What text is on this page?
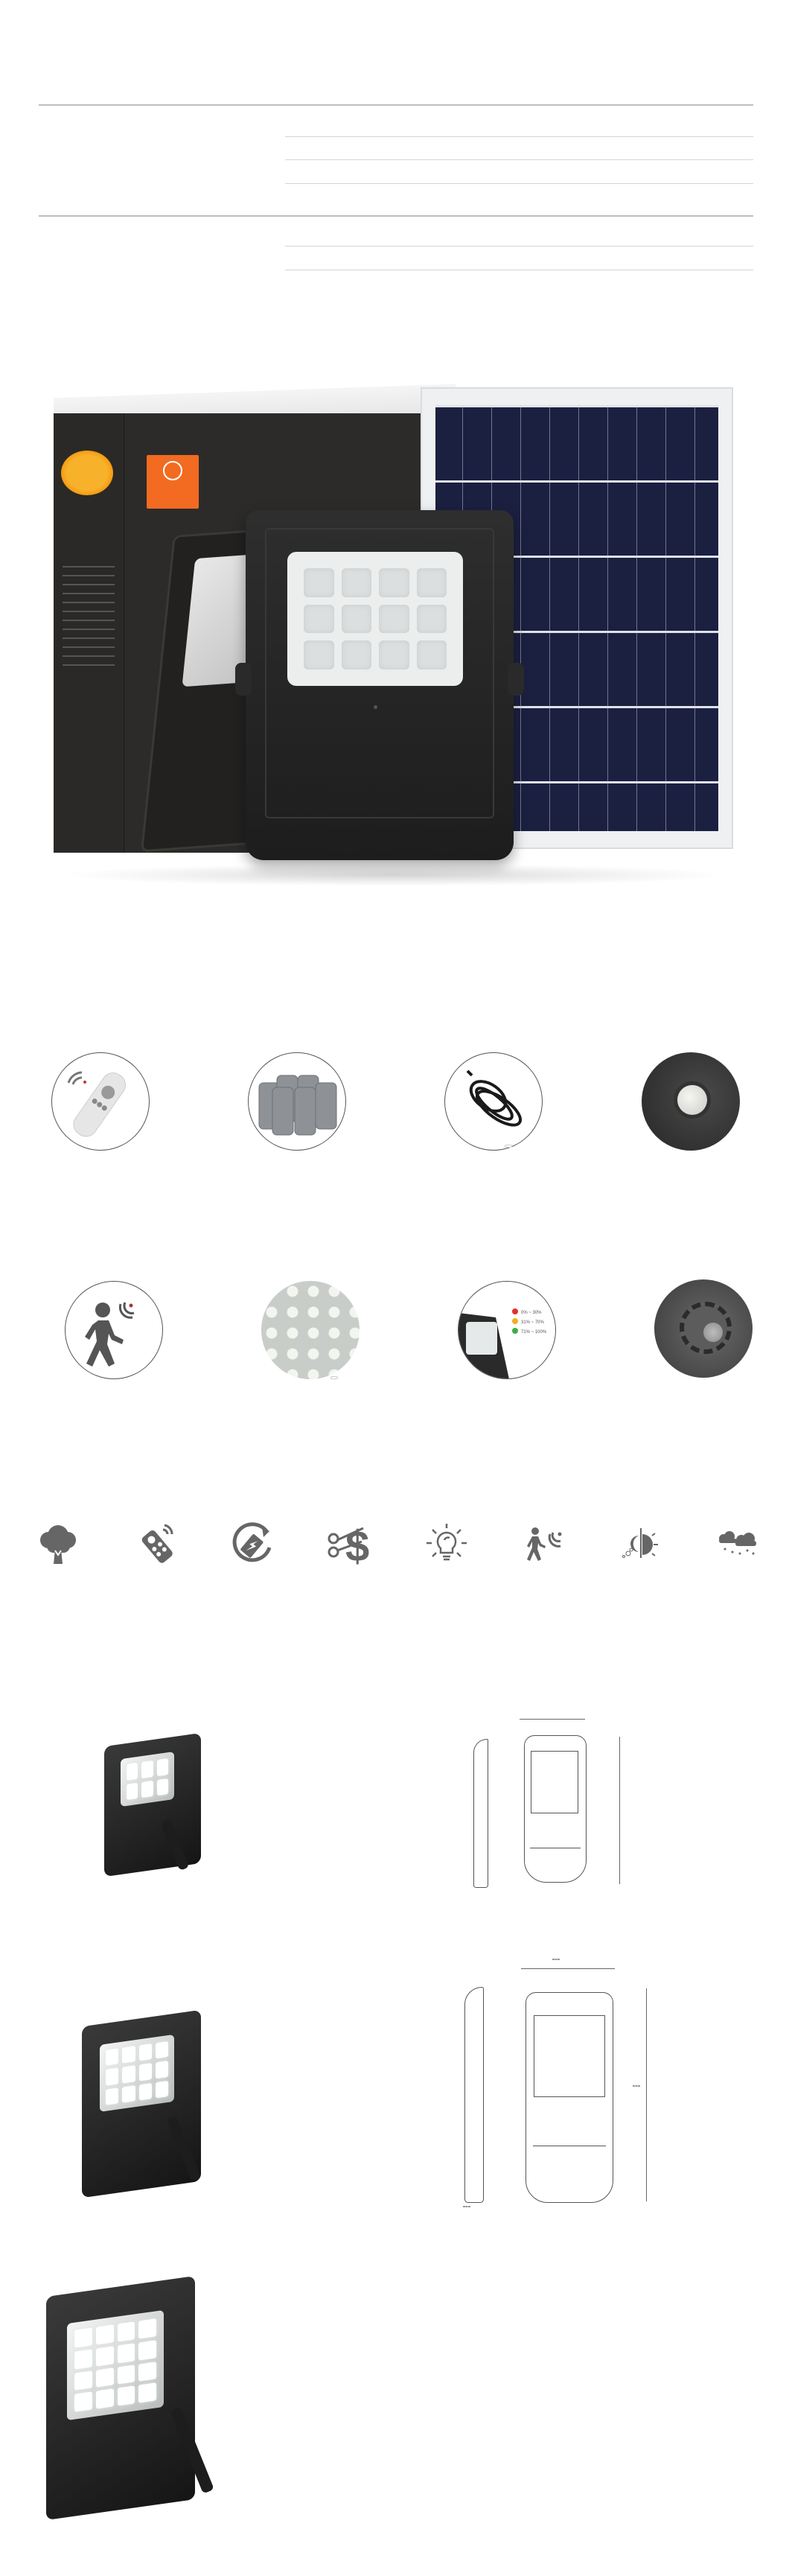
0% ~ 30%
31% ~ 70%
71% ~ 100%
$
